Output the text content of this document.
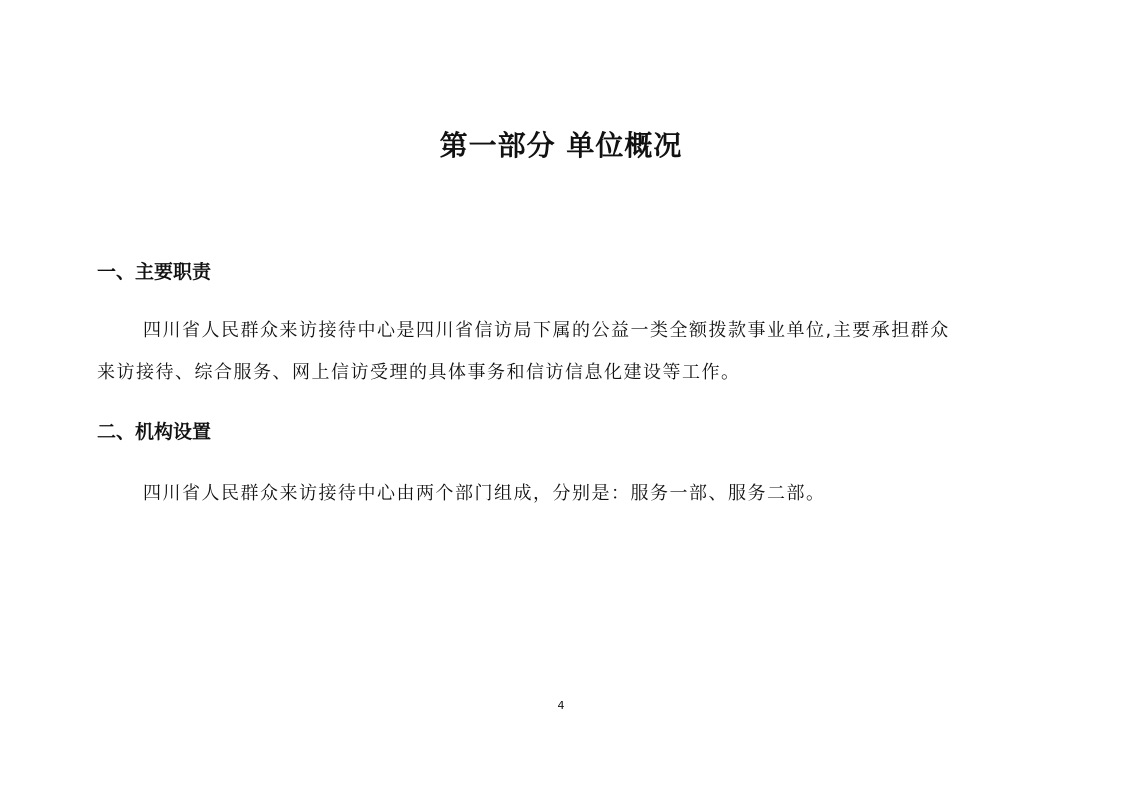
第一部分 单位概况
一、主要职责
四川省人民群众来访接待中心是四川省信访局下属的公益一类全额拨款事业单位,主要承担群众
来访接待、综合服务、网上信访受理的具体事务和信访信息化建设等工作。
二、机构设置
四川省人民群众来访接待中心由两个部门组成，分别是：服务一部、服务二部。
4
